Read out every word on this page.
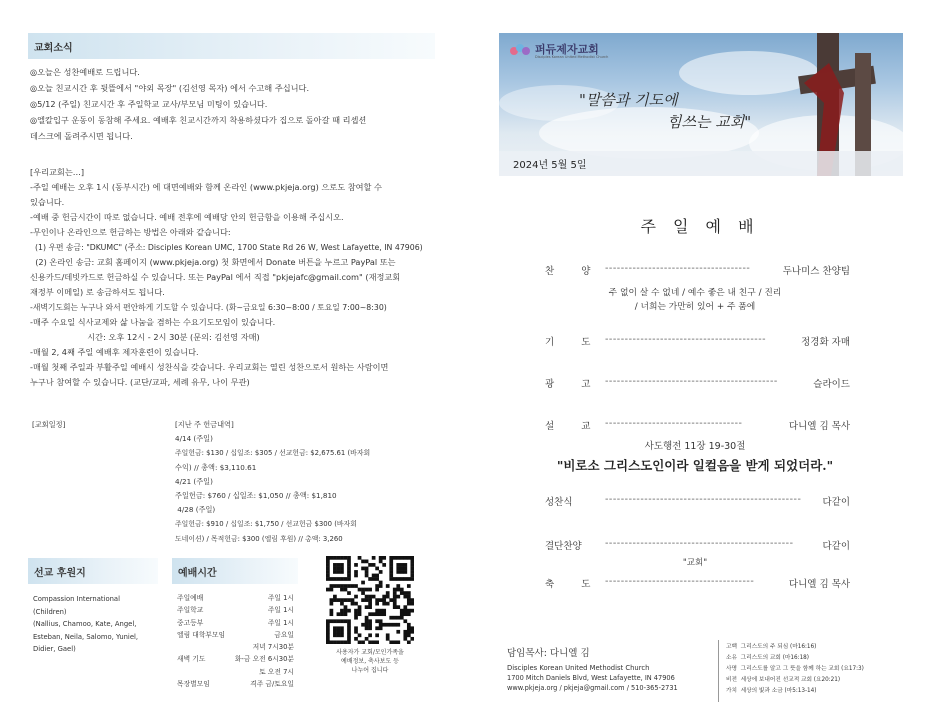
교회소식
◎오늘은 성찬예배로 드립니다.
◎오늘 친교시간 후 뒷뜰에서 "야외 목장" (김선영 목자) 에서 수고해 주십니다.
◎5/12 (주일) 친교시간 후 주일학교 교사/부모님 미팅이 있습니다.
◎엘칼입구 운동이 동참해 주세요. 예배후 친교시간까지 착용하셨다가 집으로 돌아갈 때 리셉션
데스크에 돌려주시면 됩니다.
[우리교회는…]
-주일 예배는 오후 1시 (동부시간) 에 대면예배와 함께 온라인 (www.pkjeja.org) 으로도 참여할 수
있습니다.
-예배 중 헌금시간이 따로 없습니다. 예배 전후에 예배당 안의 헌금함을 이용해 주십시오.
-무인이나 온라인으로 헌금하는 방법은 아래와 같습니다:
(1) 우편 송금: "DKUMC" (주소: Disciples Korean UMC, 1700 State Rd 26 W, West Lafayette, IN 47906)
(2) 온라인 송금: 교회 홈페이지 (www.pkjeja.org) 첫 화면에서 Donate 버튼을 누르고 PayPal 또는
신용카드/데빗카드로 헌금하실 수 있습니다. 또는 PayPal 에서 직접 "pkjejafc@gmail.com" (재정교회
재정부 이메일) 로 송금하셔도 됩니다.
-새벽기도회는 누구나 와서 편안하게 기도할 수 있습니다. (화~금요일 6:30~8:00 / 토요일 7:00~8:30)
-매주 수요일 식사교제와 삶 나눔을 겸하는 수요기도모임이 있습니다.
시간: 오후 12시 - 2시 30분 (문의: 김선영 자매)
-매월 2, 4째 주일 예배후 제자훈련이 있습니다.
-매월 첫째 주일과 부활주일 예배시 성찬식을 갖습니다. 우리교회는 열린 성찬으로서 원하는 사람이면
누구나 참여할 수 있습니다. (교단/교파, 세례 유무, 나이 무관)
[교회일정]	[지난 주 헌금내역]
4/14 (주일)
주일헌금: $130 / 십일조: $305 / 선교헌금: $2,675.61 (바자회
수익) // 총액: $3,110.61
4/21 (주일)
주일헌금: $760 / 십일조: $1,050 // 총액: $1,810
4/28 (주일)
주일헌금: $910 / 십일조: $1,750 / 선교헌금 $300 (바자회
도네이션) / 목적헌금: $300 (엘림 후원) // 총액: 3,260
선교 후원지
Compassion International
(Children)
(Nallius, Chamoo, Kate, Angel,
Esteban, Neila, Salomo, Yuniel,
Didier, Gael)
예배시간
주일예배	주일 1시
주일학교	주일 1시
중고등부	주일 1시
엘림 대학부모임	금요일
저녁 7시30분
새벽 기도	화-금 오전 6시30분
토 오전 7시
목장별모임	격주 금/토요일
사용자가 교회/모인가족을
예배정보, 축사보도 등
나누어 집니다
퍼듀제자교회
Disciples Korean United Methodist Church
"말씀과 기도에
힘쓰는 교회"
2024년 5월 5일
주 일 예 배
찬 양 -------------------------------------	두나미스 찬양팀
주 없이 살 수 없네 / 예수 좋은 내 친구 / 진리
/ 너희는 가만히 있어 + 주 품에
기 도 -----------------------------------------	정경화 자매
광 고 --------------------------------------------	슬라이드
설 교 -----------------------------------	다니엘 김 목사
사도행전 11장 19-30절
"비로소 그리스도인이라 일컬음을 받게 되었더라."
성찬식	-------------------------------------------------- 다같이
결단찬양 ------------------------------------------------	다같이
"교회"
축 도 --------------------------------------	다니엘 김 목사
담임목사: 다니엘 김
Disciples Korean United Methodist Church
1700 Mitch Daniels Blvd, West Lafayette, IN 47906
www.pkjeja.org / pkjeja@gmail.com / 510-365-2731
고백 그리스도의 주 되심 (마16:16)
소유 그리스도의 교회 (마16:18)
사명 그리스도를 알고 그 뜻을 함께 하는 교회 (요17:3)
비전 세상에 보내어진 선교적 교회 (요20:21)
가치 세상의 빛과 소금 (마5:13-14)
